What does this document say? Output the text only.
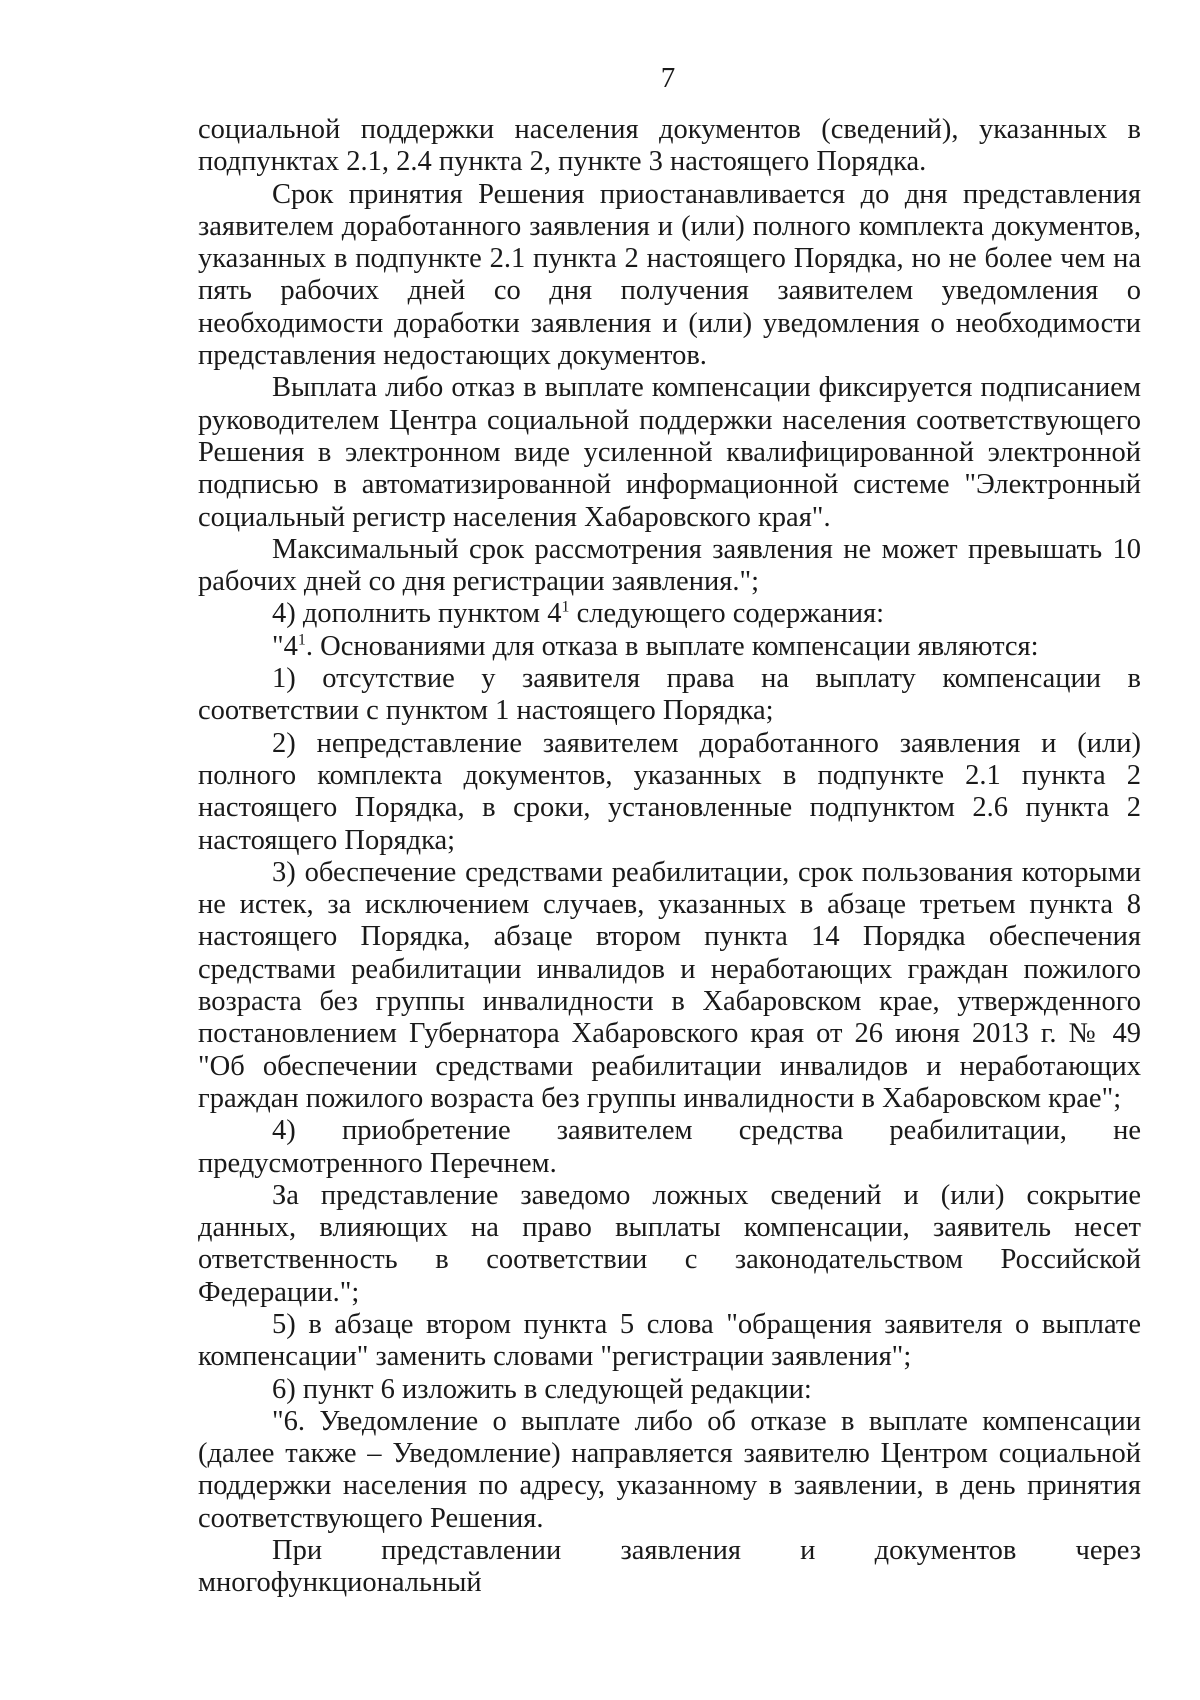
7

социальной поддержки населения документов (сведений), указанных в подпунктах 2.1, 2.4 пункта 2, пункте 3 настоящего Порядка.

Срок принятия Решения приостанавливается до дня представления заявителем доработанного заявления и (или) полного комплекта документов, указанных в подпункте 2.1 пункта 2 настоящего Порядка, но не более чем на пять рабочих дней со дня получения заявителем уведомления о необходимости доработки заявления и (или) уведомления о необходимости представления недостающих документов.

Выплата либо отказ в выплате компенсации фиксируется подписанием руководителем Центра социальной поддержки населения соответствующего Решения в электронном виде усиленной квалифицированной электронной подписью в автоматизированной информационной системе "Электронный социальный регистр населения Хабаровского края".

Максимальный срок рассмотрения заявления не может превышать 10 рабочих дней со дня регистрации заявления.";

4) дополнить пунктом $4^1$ следующего содержания:

"$4^1$. Основаниями для отказа в выплате компенсации являются:

1) отсутствие у заявителя права на выплату компенсации в соответствии с пунктом 1 настоящего Порядка;

2) непредставление заявителем доработанного заявления и (или) полного комплекта документов, указанных в подпункте 2.1 пункта 2 настоящего Порядка, в сроки, установленные подпунктом 2.6 пункта 2 настоящего Порядка;

3) обеспечение средствами реабилитации, срок пользования которыми не истек, за исключением случаев, указанных в абзаце третьем пункта 8 настоящего Порядка, абзаце втором пункта 14 Порядка обеспечения средствами реабилитации инвалидов и неработающих граждан пожилого возраста без группы инвалидности в Хабаровском крае, утвержденного постановлением Губернатора Хабаровского края от 26 июня 2013 г. № 49 "Об обеспечении средствами реабилитации инвалидов и неработающих граждан пожилого возраста без группы инвалидности в Хабаровском крае";

4) приобретение заявителем средства реабилитации, не предусмотренного Перечнем.

За представление заведомо ложных сведений и (или) сокрытие данных, влияющих на право выплаты компенсации, заявитель несет ответственность в соответствии с законодательством Российской Федерации.";

5) в абзаце втором пункта 5 слова "обращения заявителя о выплате компенсации" заменить словами "регистрации заявления";

6) пункт 6 изложить в следующей редакции:

"6. Уведомление о выплате либо об отказе в выплате компенсации (далее также – Уведомление) направляется заявителю Центром социальной поддержки населения по адресу, указанному в заявлении, в день принятия соответствующего Решения.

При представлении заявления и документов через многофункциональный
